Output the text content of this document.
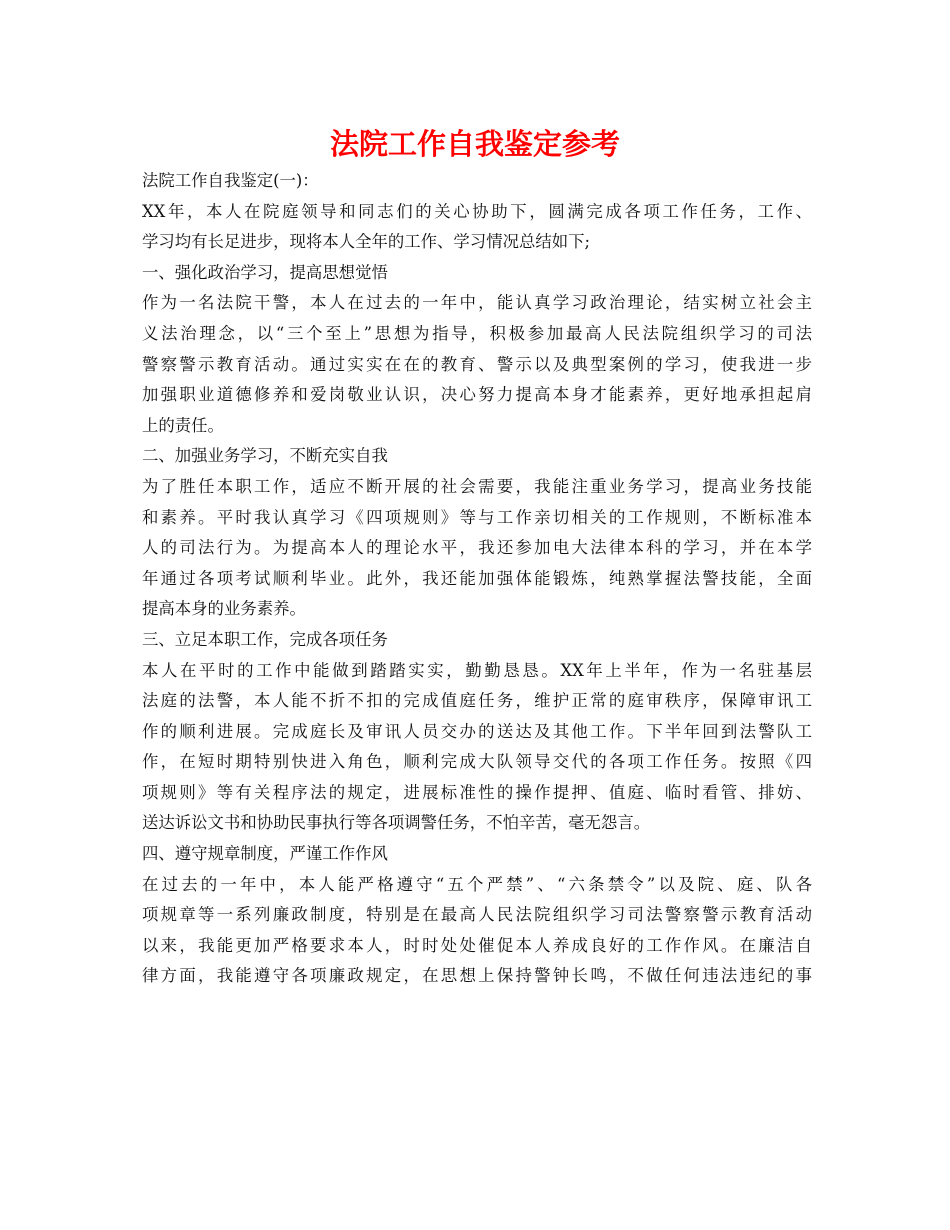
法院工作自我鉴定参考
法院工作自我鉴定(一)：
XX年，本人在院庭领导和同志们的关心协助下，圆满完成各项工作任务，工作、
学习均有长足进步，现将本人全年的工作、学习情况总结如下;
一、强化政治学习，提高思想觉悟
作为一名法院干警，本人在过去的一年中，能认真学习政治理论，结实树立社会主
义法治理念，以“三个至上”思想为指导，积极参加最高人民法院组织学习的司法
警察警示教育活动。通过实实在在的教育、警示以及典型案例的学习，使我进一步
加强职业道德修养和爱岗敬业认识，决心努力提高本身才能素养，更好地承担起肩
上的责任。
二、加强业务学习，不断充实自我
为了胜任本职工作，适应不断开展的社会需要，我能注重业务学习，提高业务技能
和素养。平时我认真学习《四项规则》等与工作亲切相关的工作规则，不断标准本
人的司法行为。为提高本人的理论水平，我还参加电大法律本科的学习，并在本学
年通过各项考试顺利毕业。此外，我还能加强体能锻炼，纯熟掌握法警技能，全面
提高本身的业务素养。
三、立足本职工作，完成各项任务
本人在平时的工作中能做到踏踏实实，勤勤恳恳。XX年上半年，作为一名驻基层
法庭的法警，本人能不折不扣的完成值庭任务，维护正常的庭审秩序，保障审讯工
作的顺利进展。完成庭长及审讯人员交办的送达及其他工作。下半年回到法警队工
作，在短时期特别快进入角色，顺利完成大队领导交代的各项工作任务。按照《四
项规则》等有关程序法的规定，进展标准性的操作提押、值庭、临时看管、排妨、
送达诉讼文书和协助民事执行等各项调警任务，不怕辛苦，毫无怨言。
四、遵守规章制度，严谨工作作风
在过去的一年中，本人能严格遵守“五个严禁”、“六条禁令”以及院、庭、队各
项规章等一系列廉政制度，特别是在最高人民法院组织学习司法警察警示教育活动
以来，我能更加严格要求本人，时时处处催促本人养成良好的工作作风。在廉洁自
律方面，我能遵守各项廉政规定，在思想上保持警钟长鸣，不做任何违法违纪的事
